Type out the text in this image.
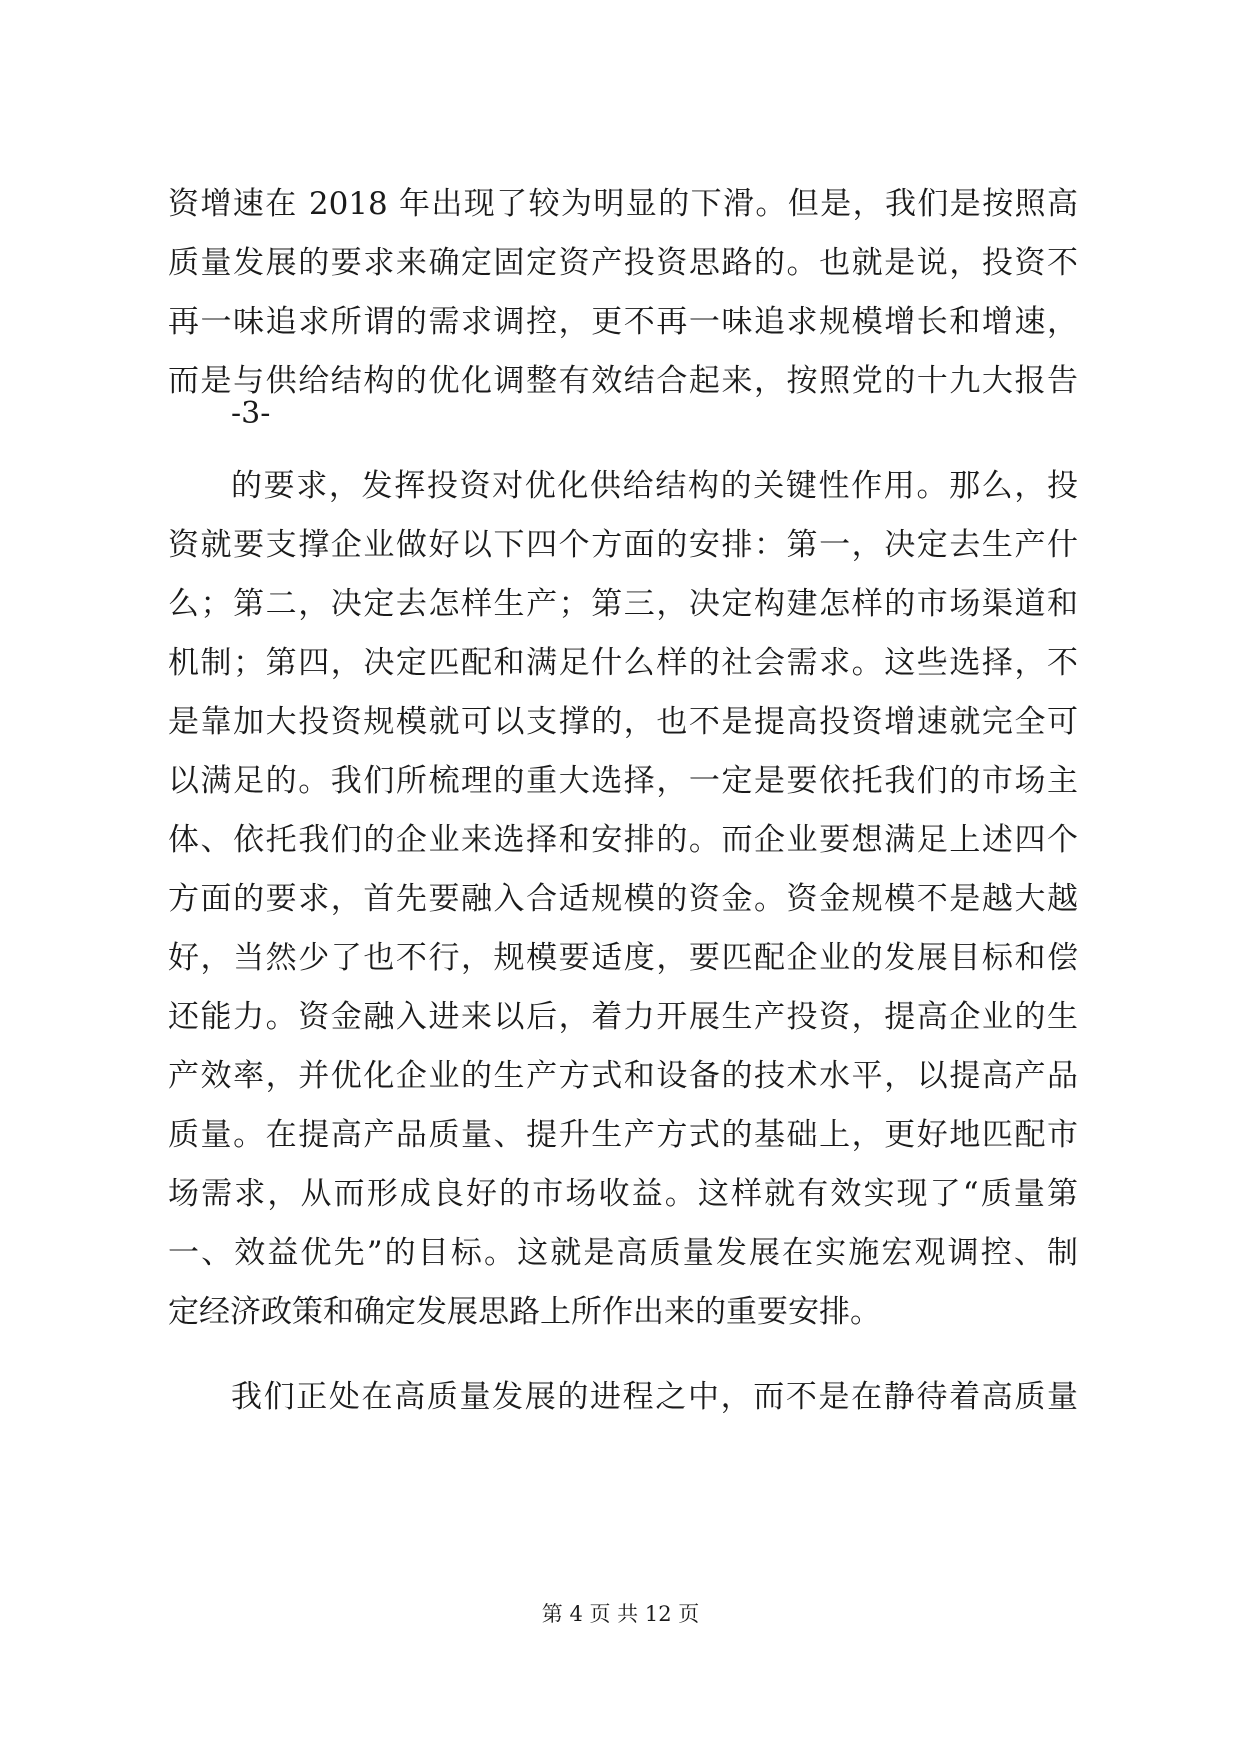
资增速在 2018 年出现了较为明显的下滑。但是，我们是按照高
质量发展的要求来确定固定资产投资思路的。也就是说，投资不
再一味追求所谓的需求调控，更不再一味追求规模增长和增速，
而是与供给结构的优化调整有效结合起来，按照党的十九大报告
-3-
的要求，发挥投资对优化供给结构的关键性作用。那么，投
资就要支撑企业做好以下四个方面的安排：第一，决定去生产什
么；第二，决定去怎样生产；第三，决定构建怎样的市场渠道和
机制；第四，决定匹配和满足什么样的社会需求。这些选择，不
是靠加大投资规模就可以支撑的，也不是提高投资增速就完全可
以满足的。我们所梳理的重大选择，一定是要依托我们的市场主
体、依托我们的企业来选择和安排的。而企业要想满足上述四个
方面的要求，首先要融入合适规模的资金。资金规模不是越大越
好，当然少了也不行，规模要适度，要匹配企业的发展目标和偿
还能力。资金融入进来以后，着力开展生产投资，提高企业的生
产效率，并优化企业的生产方式和设备的技术水平，以提高产品
质量。在提高产品质量、提升生产方式的基础上，更好地匹配市
场需求，从而形成良好的市场收益。这样就有效实现了“质量第
一、效益优先”的目标。这就是高质量发展在实施宏观调控、制
定经济政策和确定发展思路上所作出来的重要安排。
我们正处在高质量发展的进程之中，而不是在静待着高质量
第 4 页 共 12 页
